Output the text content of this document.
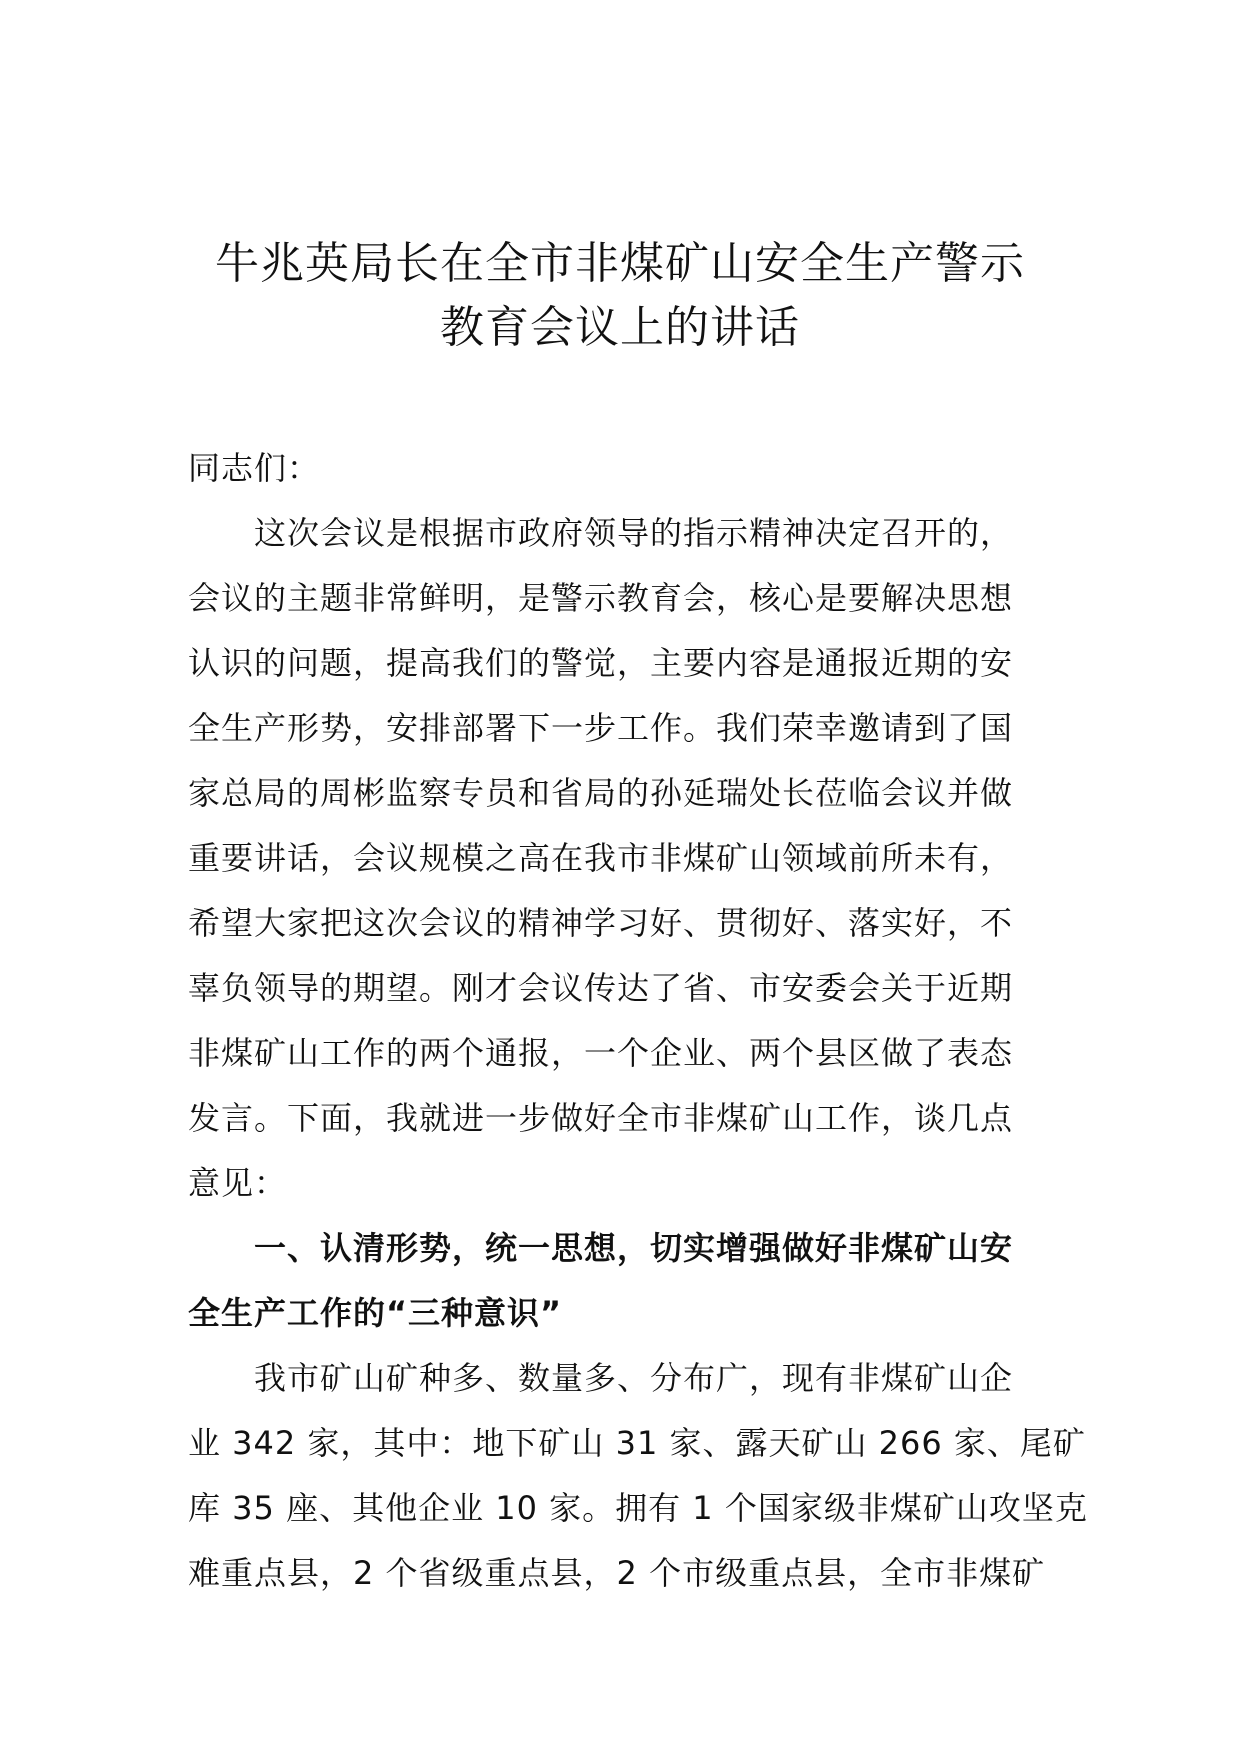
牛兆英局长在全市非煤矿山安全生产警示
教育会议上的讲话

同志们：

这次会议是根据市政府领导的指示精神决定召开的，
会议的主题非常鲜明，是警示教育会，核心是要解决思想
认识的问题，提高我们的警觉，主要内容是通报近期的安
全生产形势，安排部署下一步工作。我们荣幸邀请到了国
家总局的周彬监察专员和省局的孙延瑞处长莅临会议并做
重要讲话，会议规模之高在我市非煤矿山领域前所未有，
希望大家把这次会议的精神学习好、贯彻好、落实好，不
辜负领导的期望。刚才会议传达了省、市安委会关于近期
非煤矿山工作的两个通报，一个企业、两个县区做了表态
发言。下面，我就进一步做好全市非煤矿山工作，谈几点
意见：

一、认清形势，统一思想，切实增强做好非煤矿山安
全生产工作的“三种意识”

我市矿山矿种多、数量多、分布广，现有非煤矿山企
业 342 家，其中：地下矿山 31 家、露天矿山 266 家、尾矿
库 35 座、其他企业 10 家。拥有 1 个国家级非煤矿山攻坚克
难重点县，2 个省级重点县，2 个市级重点县，全市非煤矿
